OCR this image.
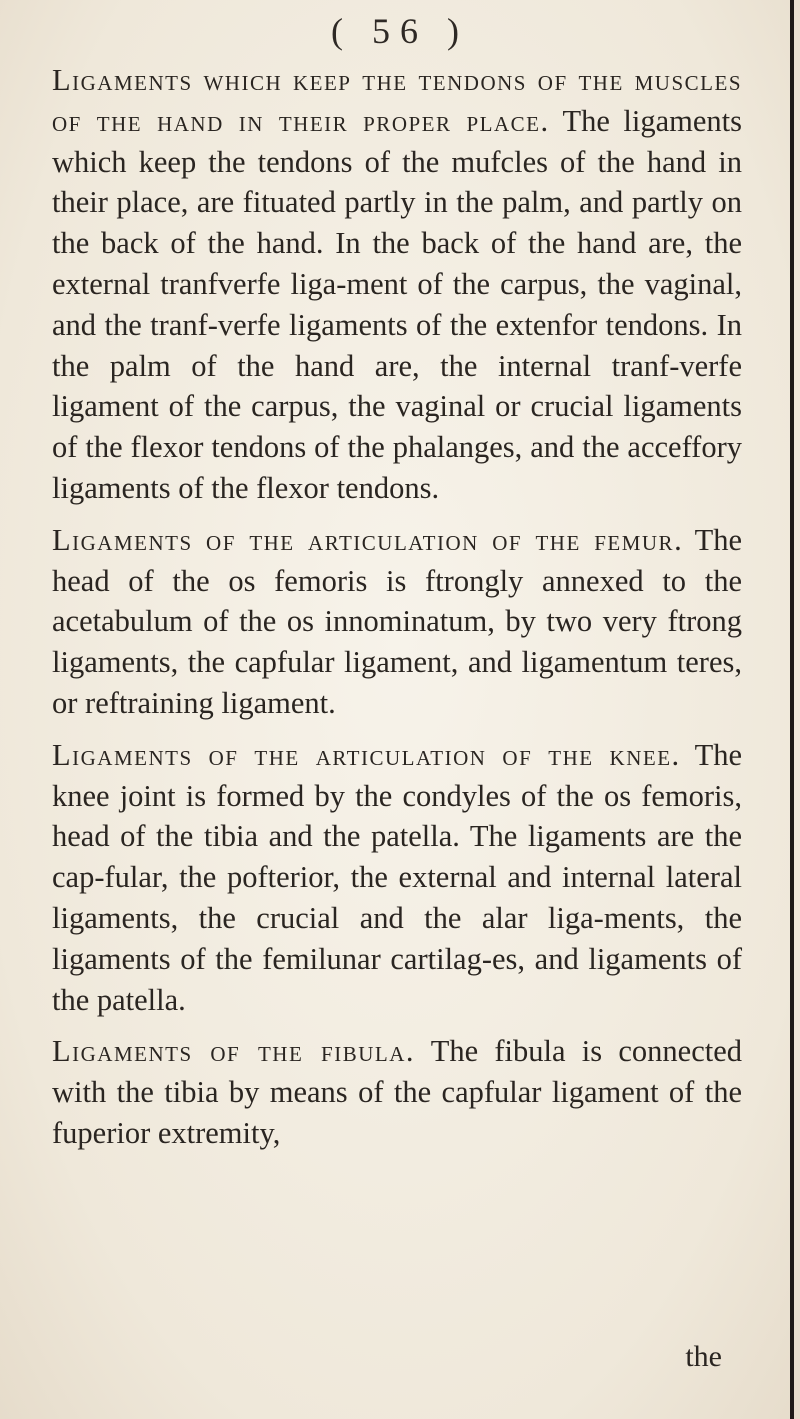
( 56 )

Ligaments which keep the tendons of the muscles of the hand in their proper place. The ligaments which keep the tendons of the mufcles of the hand in their place, are fituated partly in the palm, and partly on the back of the hand. In the back of the hand are, the external tranfverfe liga-ment of the carpus, the vaginal, and the tranf-verfe ligaments of the extenfor tendons. In the palm of the hand are, the internal tranf-verfe ligament of the carpus, the vaginal or crucial ligaments of the flexor tendons of the phalanges, and the acceffory ligaments of the flexor tendons.

Ligaments of the articulation of the femur. The head of the os femoris is ftrongly annexed to the acetabulum of the os innominatum, by two very ftrong ligaments, the capfular ligament, and ligamentum teres, or reftraining ligament.

Ligaments of the articulation of the knee. The knee joint is formed by the condyles of the os femoris, head of the tibia and the patella. The ligaments are the cap-fular, the pofterior, the external and internal lateral ligaments, the crucial and the alar liga-ments, the ligaments of the femilunar cartilag-es, and ligaments of the patella.

Ligaments of the fibula. The fibula is connected with the tibia by means of the capfular ligament of the fuperior extremity,

the
